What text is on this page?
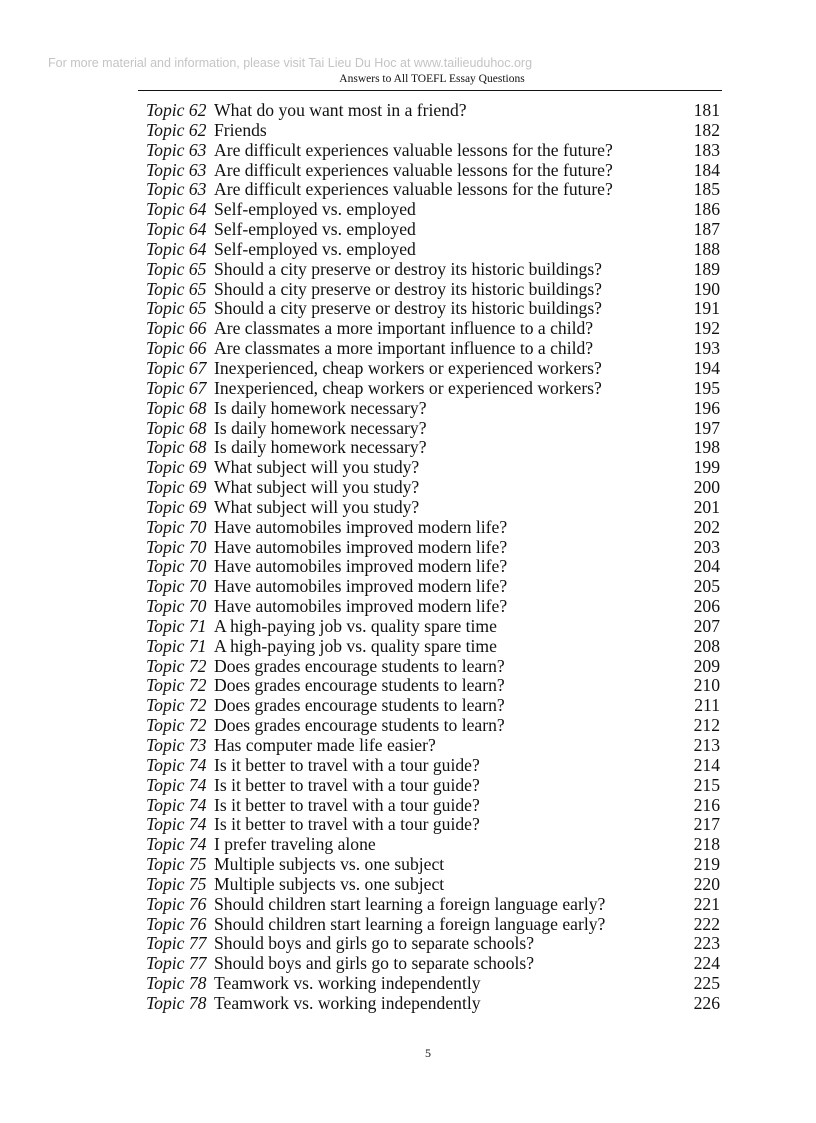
For more material and information, please visit Tai Lieu Du Hoc at www.tailieuduhoc.org
Answers to All TOEFL Essay Questions
Topic 62 What do you want most in a friend?	181
Topic 62 Friends	182
Topic 63 Are difficult experiences valuable lessons for the future?	183
Topic 63 Are difficult experiences valuable lessons for the future?	184
Topic 63 Are difficult experiences valuable lessons for the future?	185
Topic 64 Self-employed vs. employed	186
Topic 64 Self-employed vs. employed	187
Topic 64 Self-employed vs. employed	188
Topic 65 Should a city preserve or destroy its historic buildings?	189
Topic 65 Should a city preserve or destroy its historic buildings?	190
Topic 65 Should a city preserve or destroy its historic buildings?	191
Topic 66 Are classmates a more important influence to a child?	192
Topic 66 Are classmates a more important influence to a child?	193
Topic 67 Inexperienced, cheap workers or experienced workers?	194
Topic 67 Inexperienced, cheap workers or experienced workers?	195
Topic 68 Is daily homework necessary?	196
Topic 68 Is daily homework necessary?	197
Topic 68 Is daily homework necessary?	198
Topic 69 What subject will you study?	199
Topic 69 What subject will you study?	200
Topic 69 What subject will you study?	201
Topic 70 Have automobiles improved modern life?	202
Topic 70 Have automobiles improved modern life?	203
Topic 70 Have automobiles improved modern life?	204
Topic 70 Have automobiles improved modern life?	205
Topic 70 Have automobiles improved modern life?	206
Topic 71 A high-paying job vs. quality spare time	207
Topic 71 A high-paying job vs. quality spare time	208
Topic 72 Does grades encourage students to learn?	209
Topic 72 Does grades encourage students to learn?	210
Topic 72 Does grades encourage students to learn?	211
Topic 72 Does grades encourage students to learn?	212
Topic 73 Has computer made life easier?	213
Topic 74 Is it better to travel with a tour guide?	214
Topic 74 Is it better to travel with a tour guide?	215
Topic 74 Is it better to travel with a tour guide?	216
Topic 74 Is it better to travel with a tour guide?	217
Topic 74 I prefer traveling alone	218
Topic 75 Multiple subjects vs. one subject	219
Topic 75 Multiple subjects vs. one subject	220
Topic 76 Should children start learning a foreign language early?	221
Topic 76 Should children start learning a foreign language early?	222
Topic 77 Should boys and girls go to separate schools?	223
Topic 77 Should boys and girls go to separate schools?	224
Topic 78 Teamwork vs. working independently	225
Topic 78 Teamwork vs. working independently	226
5
